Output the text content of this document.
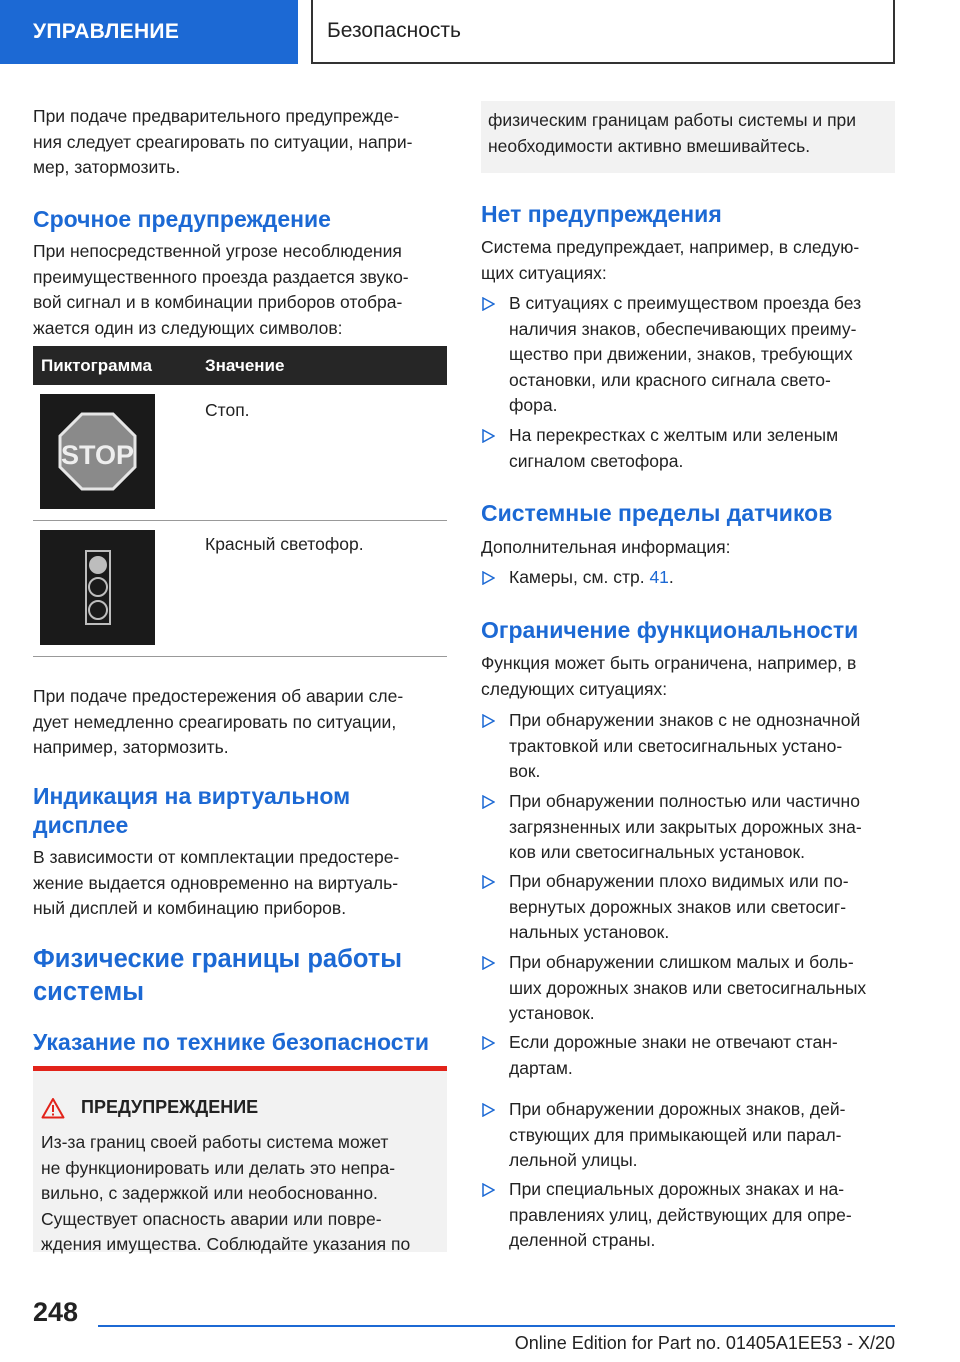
УПРАВЛЕНИЕ	Безопасность

При подаче предварительного предупрежде-

ния следует среагировать по ситуации, напри-

мер, затормозить.

Срочное предупреждение

При непосредственной угрозе несоблюдения

преимущественного проезда раздается звуко-

вой сигнал и в комбинации приборов отобра-

жается один из следующих символов:

Пиктограмма	Значение
STOP
Стоп.
Красный светофор.

При подаче предостережения об аварии сле-

дует немедленно среагировать по ситуации,

например, затормозить.

Индикация на виртуальном
дисплее

В зависимости от комплектации предостере-

жение выдается одновременно на виртуаль-

ный дисплей и комбинацию приборов.

Физические границы работы
системы
Указание по технике безопасности
ПРЕДУПРЕЖДЕНИЕ

Из-за границ своей работы система может

не функционировать или делать это непра-

вильно, с задержкой или необоснованно.

Существует опасность аварии или повре-

ждения имущества. Соблюдайте указания по

физическим границам работы системы и при

необходимости активно вмешивайтесь.

Нет предупреждения

Система предупреждает, например, в следую-

щих ситуациях:

В ситуациях с преимуществом проезда без

наличия знаков, обеспечивающих преиму-

щество при движении, знаков, требующих

остановки, или красного сигнала свето-

фора.

На перекрестках с желтым или зеленым

сигналом светофора.

Системные пределы датчиков
Дополнительная информация:

Камеры, см. стр. 41.

Ограничение функциональности

Функция может быть ограничена, например, в

следующих ситуациях:

При обнаружении знаков с не однозначной

трактовкой или светосигнальных устано-

вок.

При обнаружении полностью или частично

загрязненных или закрытых дорожных зна-

ков или светосигнальных установок.

При обнаружении плохо видимых или по-

вернутых дорожных знаков или светосиг-

нальных установок.

При обнаружении слишком малых и боль-

ших дорожных знаков или светосигнальных

установок.

Если дорожные знаки не отвечают стан-

дартам.

При обнаружении дорожных знаков, дей-

ствующих для примыкающей или парал-

лельной улицы.

При специальных дорожных знаках и на-

правлениях улиц, действующих для опре-

деленной страны.

248
Online Edition for Part no. 01405A1EE53 - X/20
